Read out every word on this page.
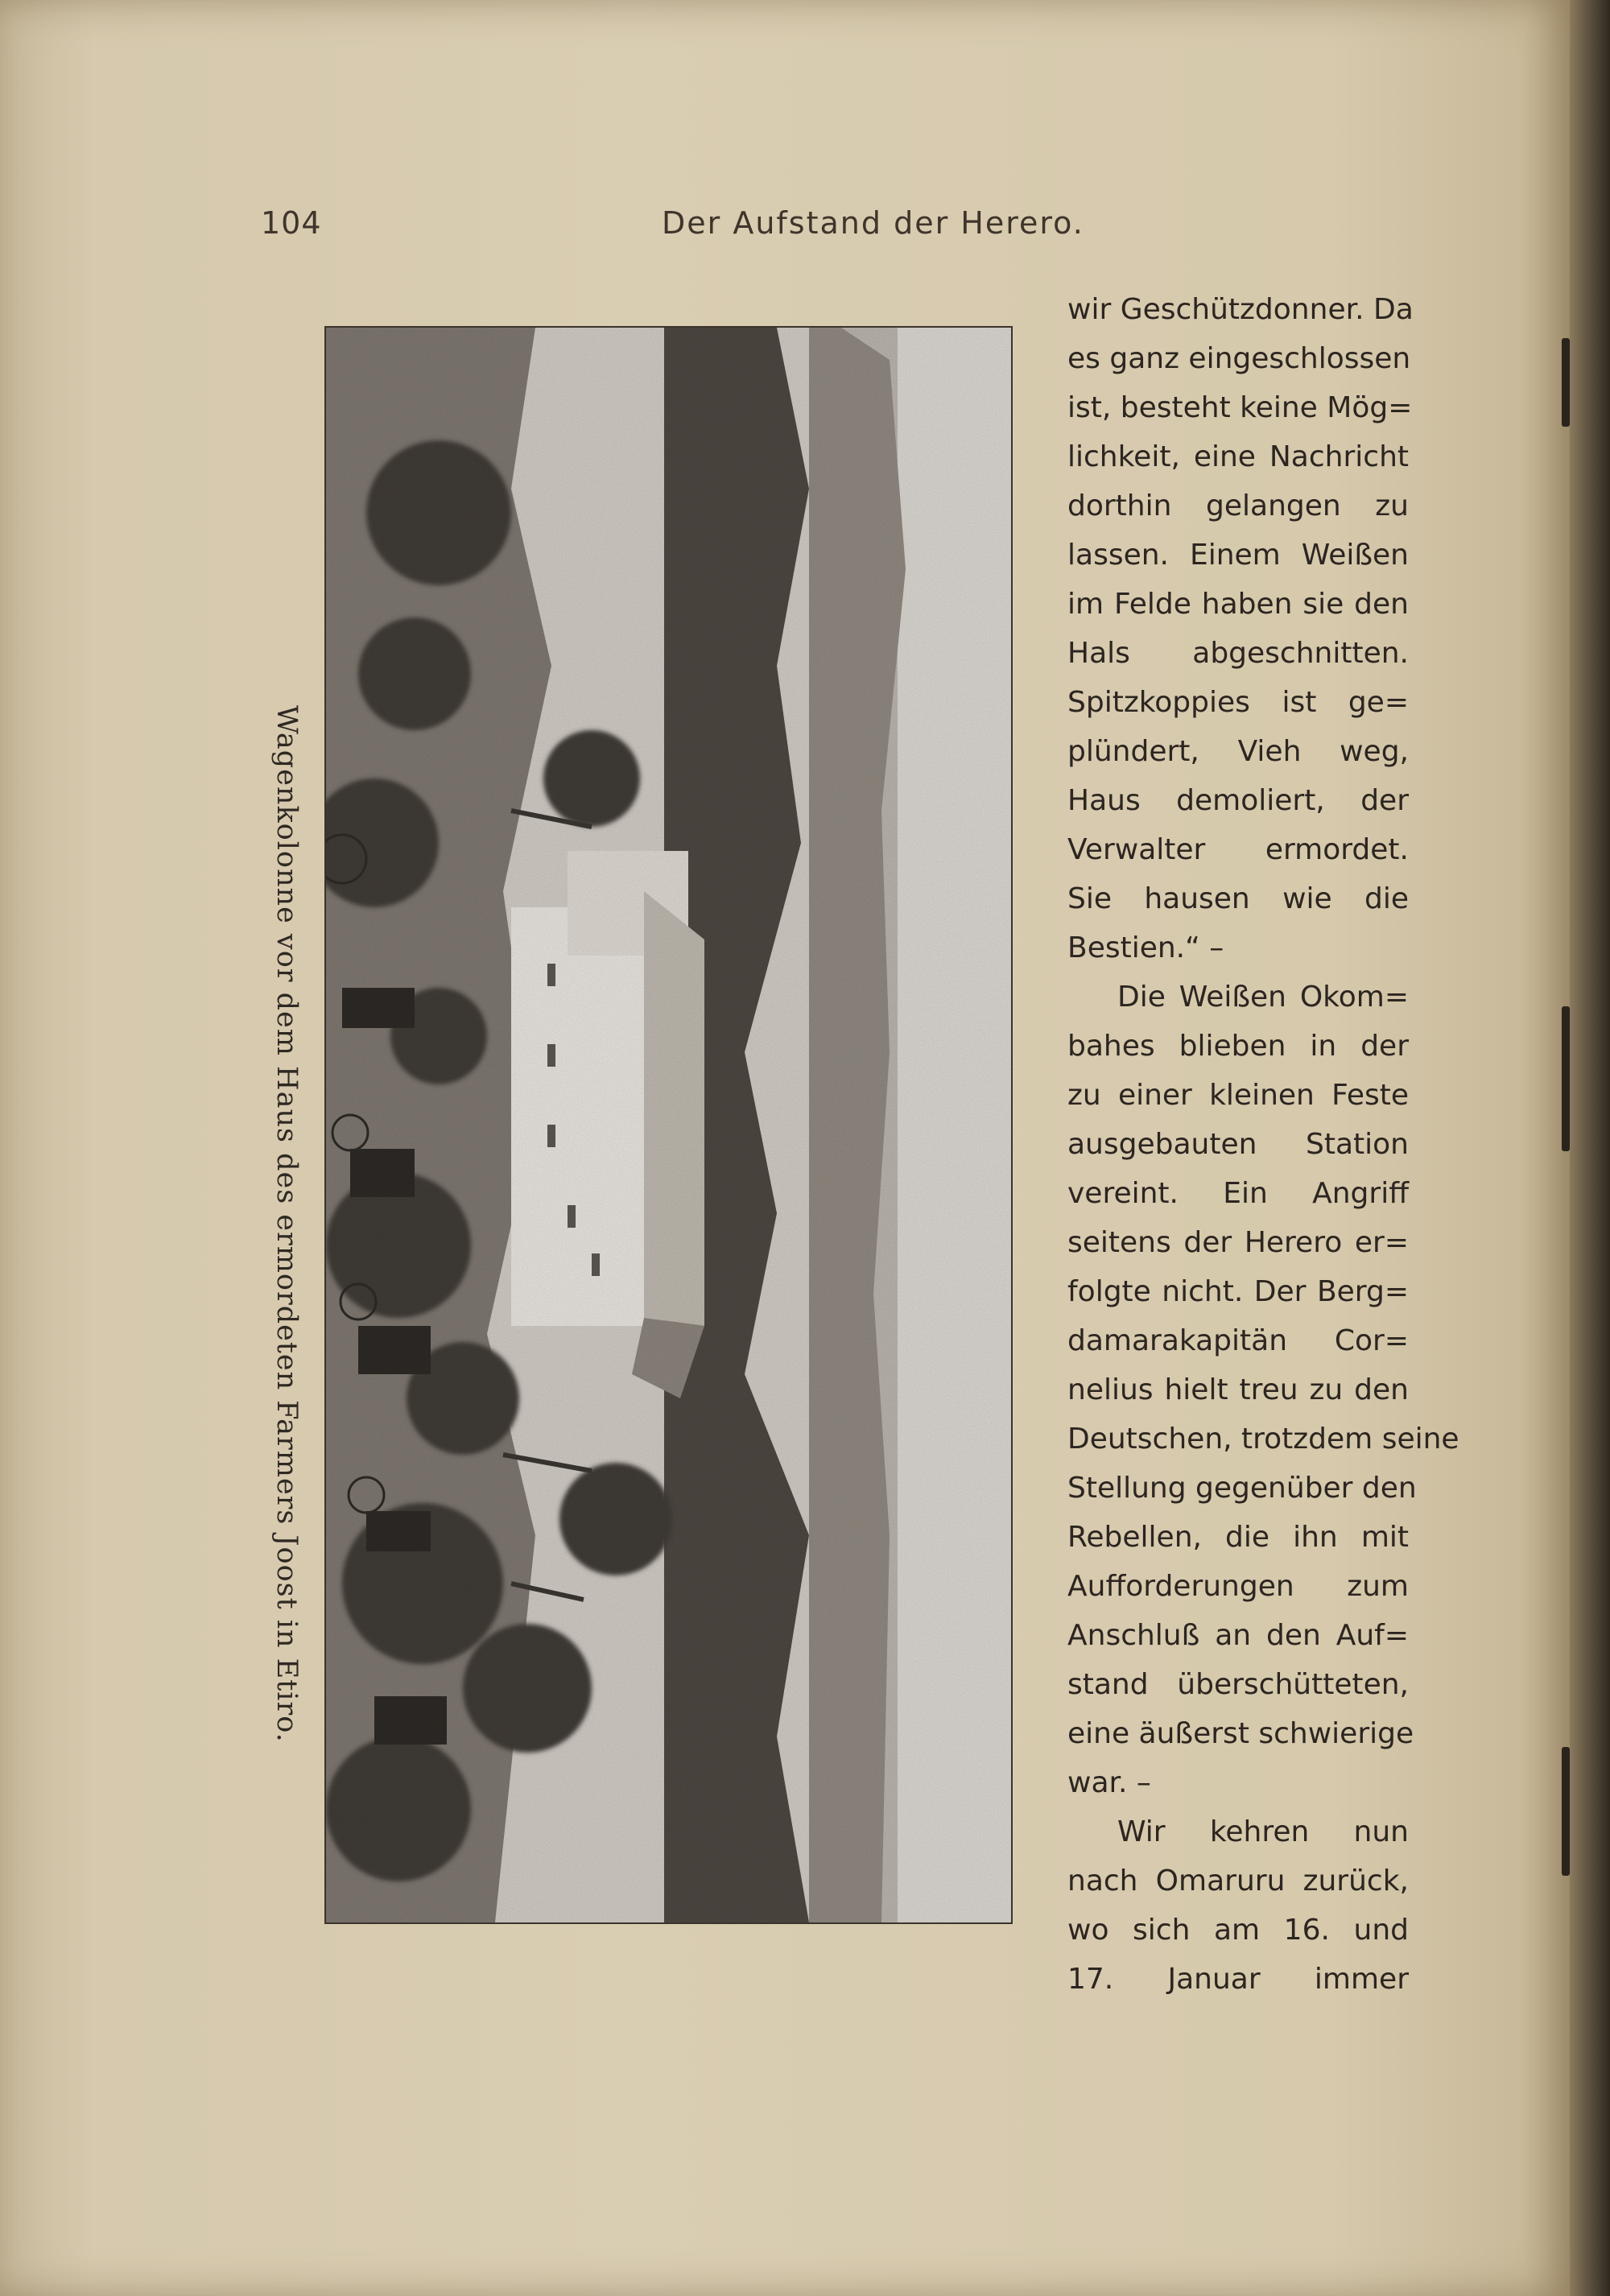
104	Der Aufstand der Herero.
Wagenkolonne vor dem Haus des ermordeten Farmers Joost in Etiro.
wir Geschützdonner. Da
es ganz eingeschlossen
ist, besteht keine Mög=
lichkeit, eine Nachricht
dorthin gelangen zu
lassen. Einem Weißen
im Felde haben sie den
Hals abgeschnitten.
Spitzkoppies ist ge=
plündert, Vieh weg,
Haus demoliert, der
Verwalter ermordet.
Sie hausen wie die
Bestien.“ –
Die Weißen Okom=
bahes blieben in der
zu einer kleinen Feste
ausgebauten Station
vereint. Ein Angriff
seitens der Herero er=
folgte nicht. Der Berg=
damarakapitän Cor=
nelius hielt treu zu den
Deutschen, trotzdem seine
Stellung gegenüber den
Rebellen, die ihn mit
Aufforderungen zum
Anschluß an den Auf=
stand überschütteten,
eine äußerst schwierige
war. –
Wir kehren nun
nach Omaruru zurück,
wo sich am 16. und
17. Januar immer
